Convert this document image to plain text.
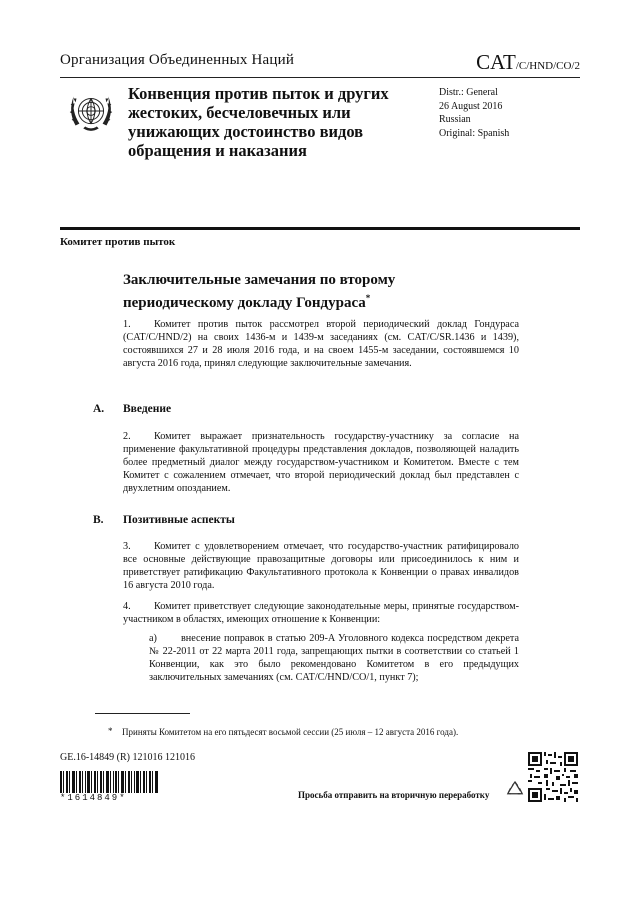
Организация Объединенных Наций	CAT/C/HND/CO/2
Конвенция против пыток и других жестоких, бесчеловечных или унижающих достоинство видов обращения и наказания
Distr.: General
26 August 2016
Russian
Original: Spanish
Комитет против пыток
Заключительные замечания по второму периодическому докладу Гондураса*
1. Комитет против пыток рассмотрел второй периодический доклад Гондураса (CAT/C/HND/2) на своих 1436-м и 1439-м заседаниях (см. CAT/C/SR.1436 и 1439), состоявшихся 27 и 28 июля 2016 года, и на своем 1455-м заседании, состоявшемся 10 августа 2016 года, принял следующие заключительные замечания.
A. Введение
2. Комитет выражает признательность государству-участнику за согласие на применение факультативной процедуры представления докладов, позволяющей наладить более предметный диалог между государством-участником и Комитетом. Вместе с тем Комитет с сожалением отмечает, что второй периодический доклад был представлен с двухлетним опозданием.
B. Позитивные аспекты
3. Комитет с удовлетворением отмечает, что государство-участник ратифицировало все основные действующие правозащитные договоры или присоединилось к ним и приветствует ратификацию Факультативного протокола к Конвенции о правах инвалидов 16 августа 2010 года.
4. Комитет приветствует следующие законодательные меры, принятые государством-участником в областях, имеющих отношение к Конвенции:
a) внесение поправок в статью 209-A Уголовного кодекса посредством декрета № 22-2011 от 22 марта 2011 года, запрещающих пытки в соответствии со статьей 1 Конвенции, как это было рекомендовано Комитетом в его предыдущих заключительных замечаниях (см. CAT/C/HND/CO/1, пункт 7);
* Приняты Комитетом на его пятьдесят восьмой сессии (25 июля – 12 августа 2016 года).
GE.16-14849 (R) 121016 121016
*1614849*	Просьба отправить на вторичную переработку
